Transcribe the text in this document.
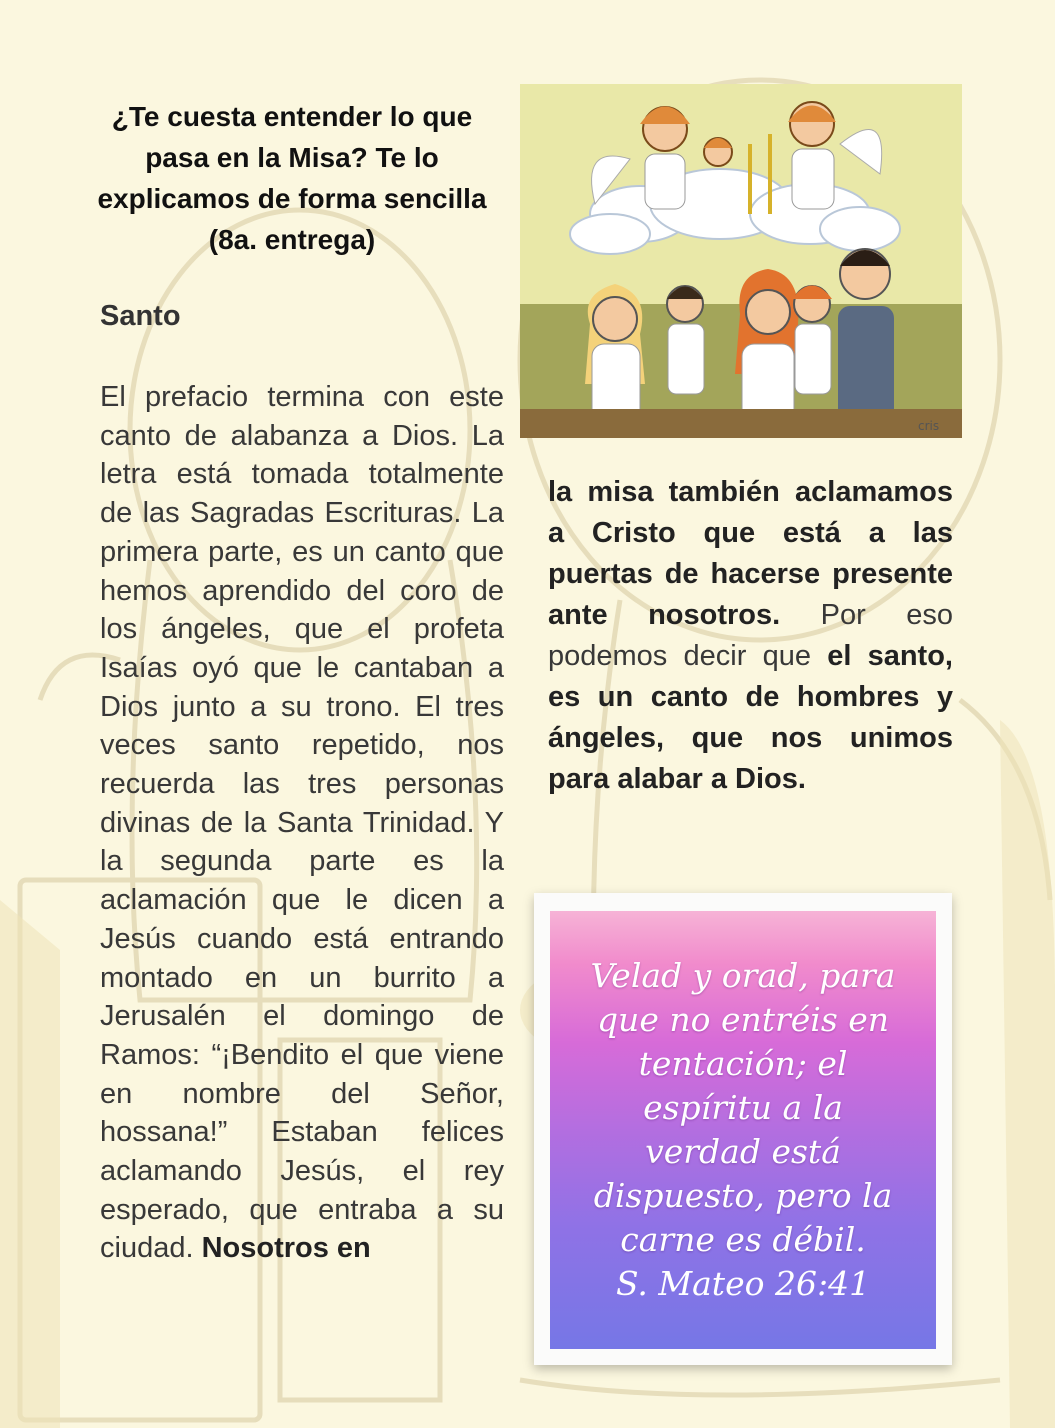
¿Te cuesta entender lo que pasa en la Misa? Te lo explicamos de forma sencilla (8a. entrega)
Santo
El prefacio termina con este canto de alabanza a Dios. La letra está tomada totalmente de las Sagradas Escrituras. La primera parte, es un canto que hemos aprendido del coro de los ángeles, que el profeta Isaías oyó que le cantaban a Dios junto a su trono. El tres veces santo repetido, nos recuerda las tres personas divinas de la Santa Trinidad. Y la segunda parte es la aclamación que le dicen a Jesús cuando está entrando montado en un burrito a Jerusalén el domingo de Ramos: “¡Bendito el que viene en nombre del Señor, hossana!” Estaban felices aclamando Jesús, el rey esperado, que entraba a su ciudad. Nosotros en
la misa también aclamamos a Cristo que está a las puertas de hacerse presente ante nosotros. Por eso podemos decir que el santo, es un canto de hombres y ángeles, que nos unimos para alabar a Dios.
cris
Velad y orad, para
que no entréis en
tentación; el
espíritu a la
verdad está
dispuesto, pero la
carne es débil.
S. Mateo 26:41
